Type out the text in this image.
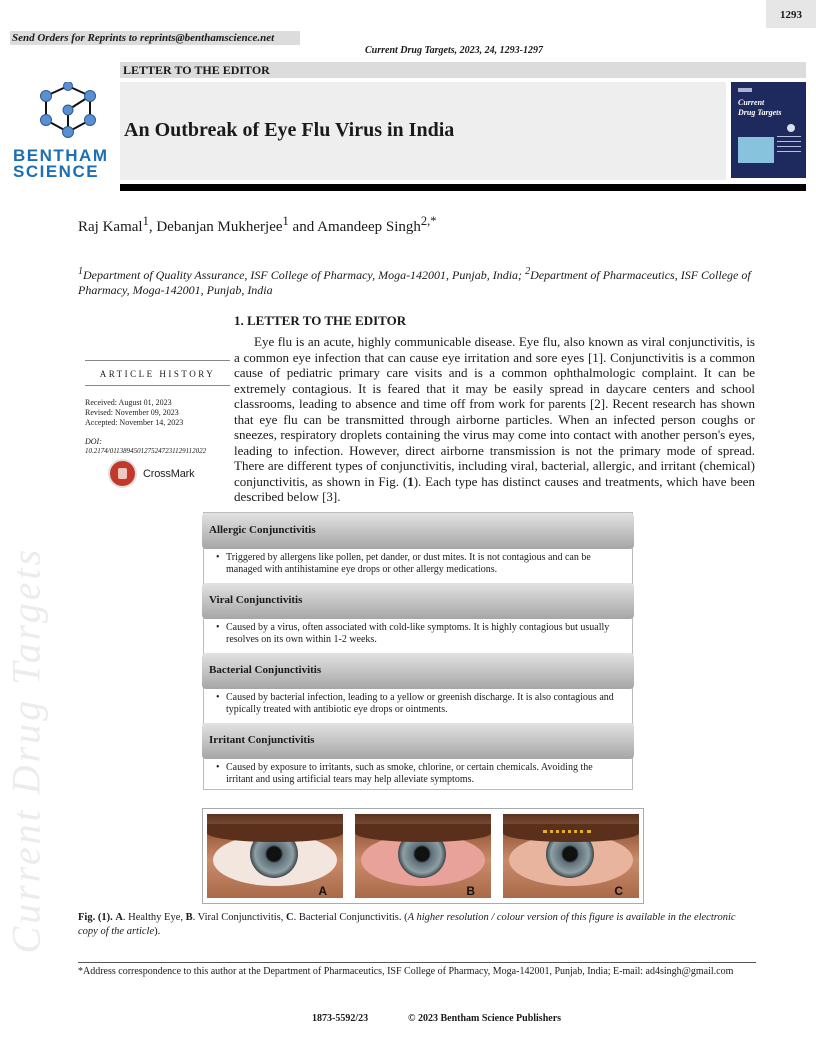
1293
Send Orders for Reprints to reprints@benthamscience.net
Current Drug Targets, 2023, 24, 1293-1297
BENTHAM
SCIENCE
LETTER TO THE EDITOR
An Outbreak of Eye Flu Virus in India
Current
Drug Targets
Raj Kamal$^1$, Debanjan Mukherjee$^1$ and Amandeep Singh$^{2,*}$
$^1$Department of Quality Assurance, ISF College of Pharmacy, Moga-142001, Punjab, India; $^2$Department of Pharmaceutics, ISF College of Pharmacy, Moga-142001, Punjab, India
ARTICLE HISTORY
Received: August 01, 2023
Revised: November 09, 2023
Accepted: November 14, 2023
DOI:
10.2174/0113894501275247231129112022
CrossMark
1. LETTER TO THE EDITOR

Eye flu is an acute, highly communicable disease. Eye flu, also known as viral conjunctivitis, is a common eye infection that can cause eye irritation and sore eyes [1]. Conjunctivitis is a common cause of pediatric primary care visits and is a common ophthalmologic complaint. It can be extremely contagious. It is feared that it may be easily spread in daycare centers and school classrooms, leading to absence and time off from work for parents [2]. Recent research has shown that eye flu can be transmitted through airborne particles. When an infected person coughs or sneezes, respiratory droplets containing the virus may come into contact with another person's eyes, leading to infection. However, direct airborne transmission is not the primary mode of spread. There are different types of conjunctivitis, including viral, bacterial, allergic, and irritant (chemical) conjunctivitis, as shown in Fig. (1). Each type has distinct causes and treatments, which have been described below [3].

Allergic Conjunctivitis
• Triggered by allergens like pollen, pet dander, or dust mites. It is not contagious and can be managed with antihistamine eye drops or other allergy medications.
Viral Conjunctivitis
• Caused by a virus, often associated with cold-like symptoms. It is highly contagious but usually resolves on its own within 1-2 weeks.
Bacterial Conjunctivitis
• Caused by bacterial infection, leading to a yellow or greenish discharge. It is also contagious and typically treated with antibiotic eye drops or ointments.
Irritant Conjunctivitis
• Caused by exposure to irritants, such as smoke, chlorine, or certain chemicals. Avoiding the irritant and using artificial tears may help alleviate symptoms.
A	B	C
Fig. (1). A. Healthy Eye, B. Viral Conjunctivitis, C. Bacterial Conjunctivitis. (A higher resolution / colour version of this figure is available in the electronic copy of the article).
*Address correspondence to this author at the Department of Pharmaceutics, ISF College of Pharmacy, Moga-142001, Punjab, India; E-mail: ad4singh@gmail.com
1873-5592/23	© 2023 Bentham Science Publishers
Current Drug Targets
